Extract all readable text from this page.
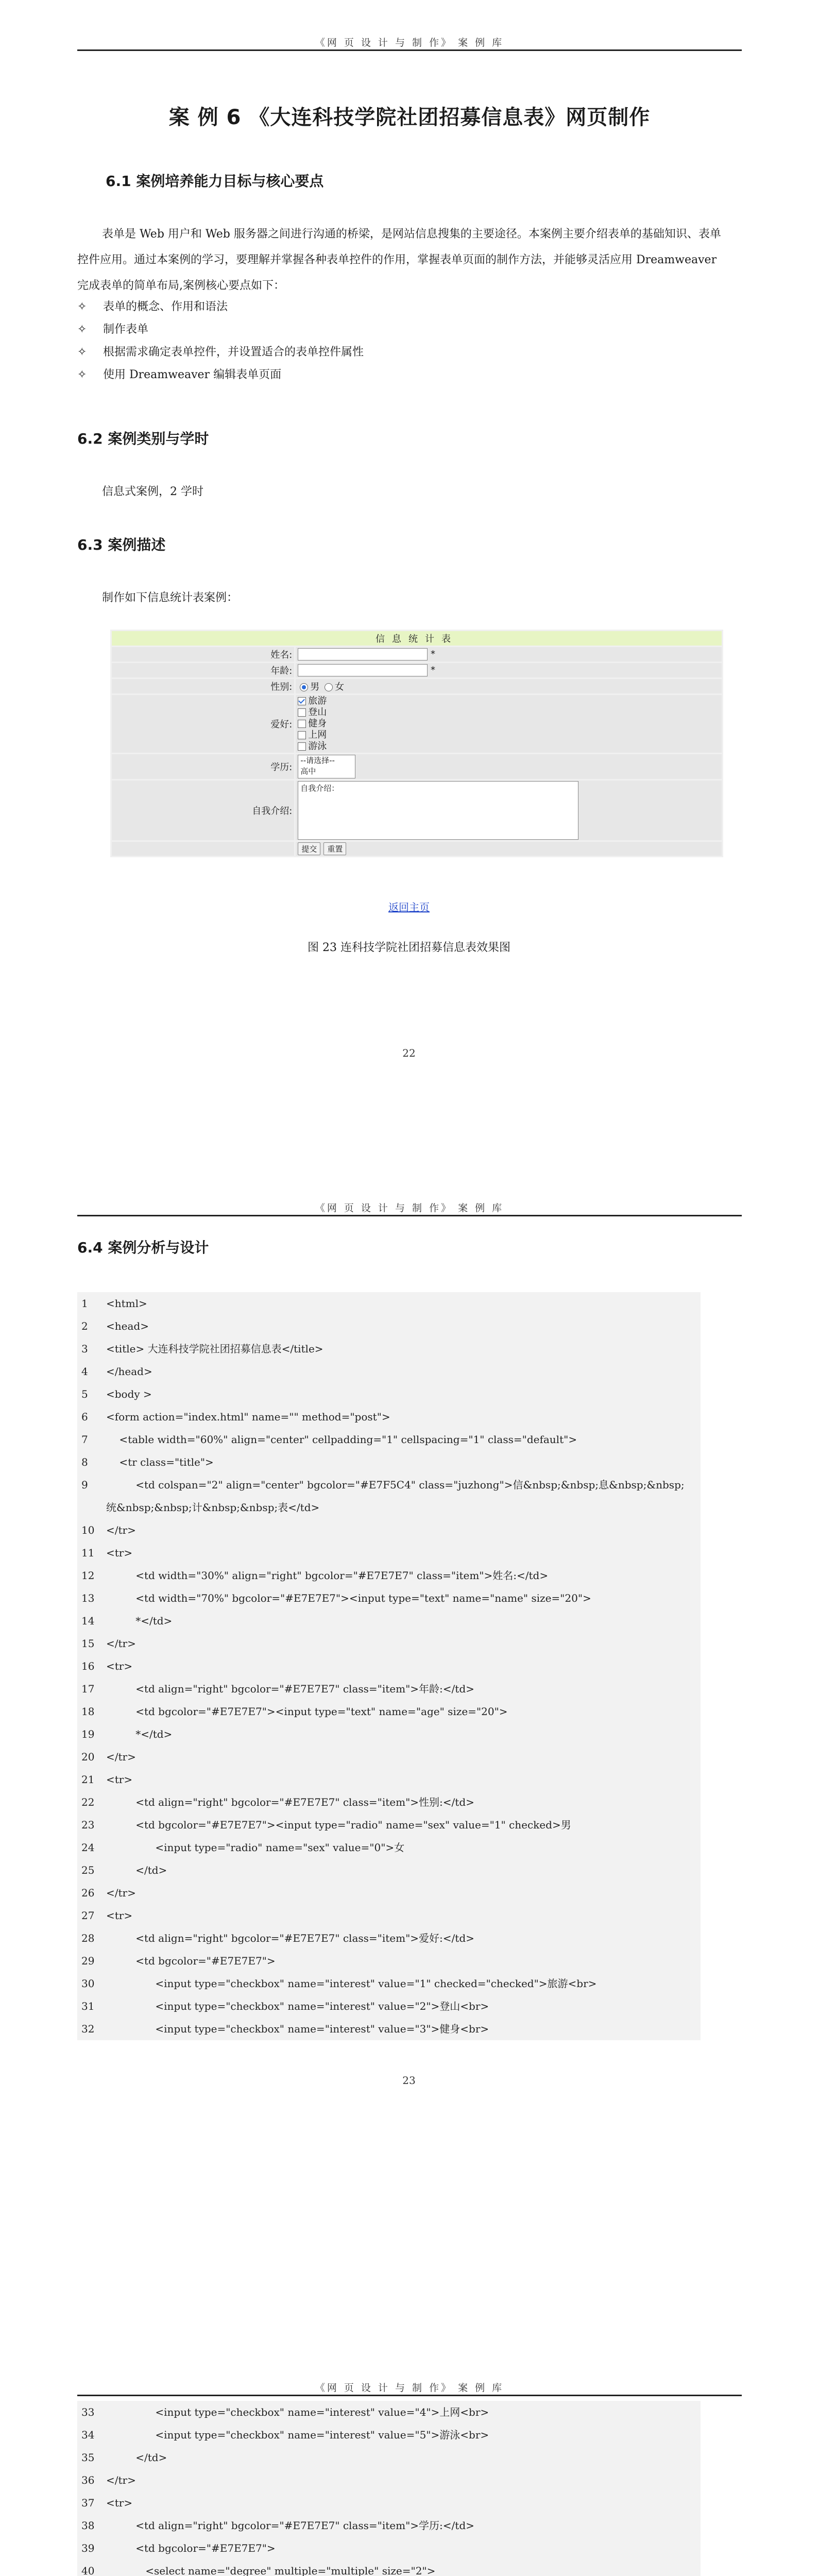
《网 页 设 计 与 制 作》 案 例 库
案 例 6 《大连科技学院社团招募信息表》网页制作
6.1 案例培养能力目标与核心要点

表单是 Web 用户和 Web 服务器之间进行沟通的桥梁，是网站信息搜集的主要途径。本案例主要介绍表单的基础知识、表单控件应用。通过本案例的学习，要理解并掌握各种表单控件的作用，掌握表单页面的制作方法，并能够灵活应用 Dreamweaver 完成表单的简单布局,案例核心要点如下：

✧	表单的概念、作用和语法
✧	制作表单
✧	根据需求确定表单控件，并设置适合的表单控件属性
✧	使用 Dreamweaver 编辑表单页面
6.2 案例类别与学时
信息式案例，2 学时
6.3 案例描述
制作如下信息统计表案例：
信息统计表	
姓名:	*
年龄:	*
性别:	男 女
爱好:	旅游
登山
健身
上网
游泳

学历:	--请选择--
高中

自我介绍:	自我介绍：
	提交 重置
返回主页
图 23 连科技学院社团招募信息表效果图
22
《网 页 设 计 与 制 作》 案 例 库
6.4 案例分析与设计
1	<html>
2	<head>
3	<title> 大连科技学院社团招募信息表</title>
4	</head>
5	<body >
6	<form action="index.html" name="" method="post">
7	<table width="60%" align="center" cellpadding="1" cellspacing="1" class="default">
8	<tr class="title">
9	<td colspan="2" align="center" bgcolor="#E7F5C4" class="juzhong">信&nbsp;&nbsp;息&nbsp;&nbsp;
统&nbsp;&nbsp;计&nbsp;&nbsp;表</td>
10	</tr>
11	<tr>
12	<td width="30%" align="right" bgcolor="#E7E7E7" class="item">姓名:</td>
13	<td width="70%" bgcolor="#E7E7E7"><input type="text" name="name" size="20">
14	*</td>
15	</tr>
16	<tr>
17	<td align="right" bgcolor="#E7E7E7" class="item">年龄:</td>
18	<td bgcolor="#E7E7E7"><input type="text" name="age" size="20">
19	*</td>
20	</tr>
21	<tr>
22	<td align="right" bgcolor="#E7E7E7" class="item">性别:</td>
23	<td bgcolor="#E7E7E7"><input type="radio" name="sex" value="1" checked>男
24	<input type="radio" name="sex" value="0">女
25	</td>
26	</tr>
27	<tr>
28	<td align="right" bgcolor="#E7E7E7" class="item">爱好:</td>
29	<td bgcolor="#E7E7E7">
30	<input type="checkbox" name="interest" value="1" checked="checked">旅游<br>
31	<input type="checkbox" name="interest" value="2">登山<br>
32	<input type="checkbox" name="interest" value="3">健身<br>
23
《网 页 设 计 与 制 作》 案 例 库
33	<input type="checkbox" name="interest" value="4">上网<br>
34	<input type="checkbox" name="interest" value="5">游泳<br>
35	</td>
36	</tr>
37	<tr>
38	<td align="right" bgcolor="#E7E7E7" class="item">学历:</td>
39	<td bgcolor="#E7E7E7">
40	<select name="degree" multiple="multiple" size="2">
